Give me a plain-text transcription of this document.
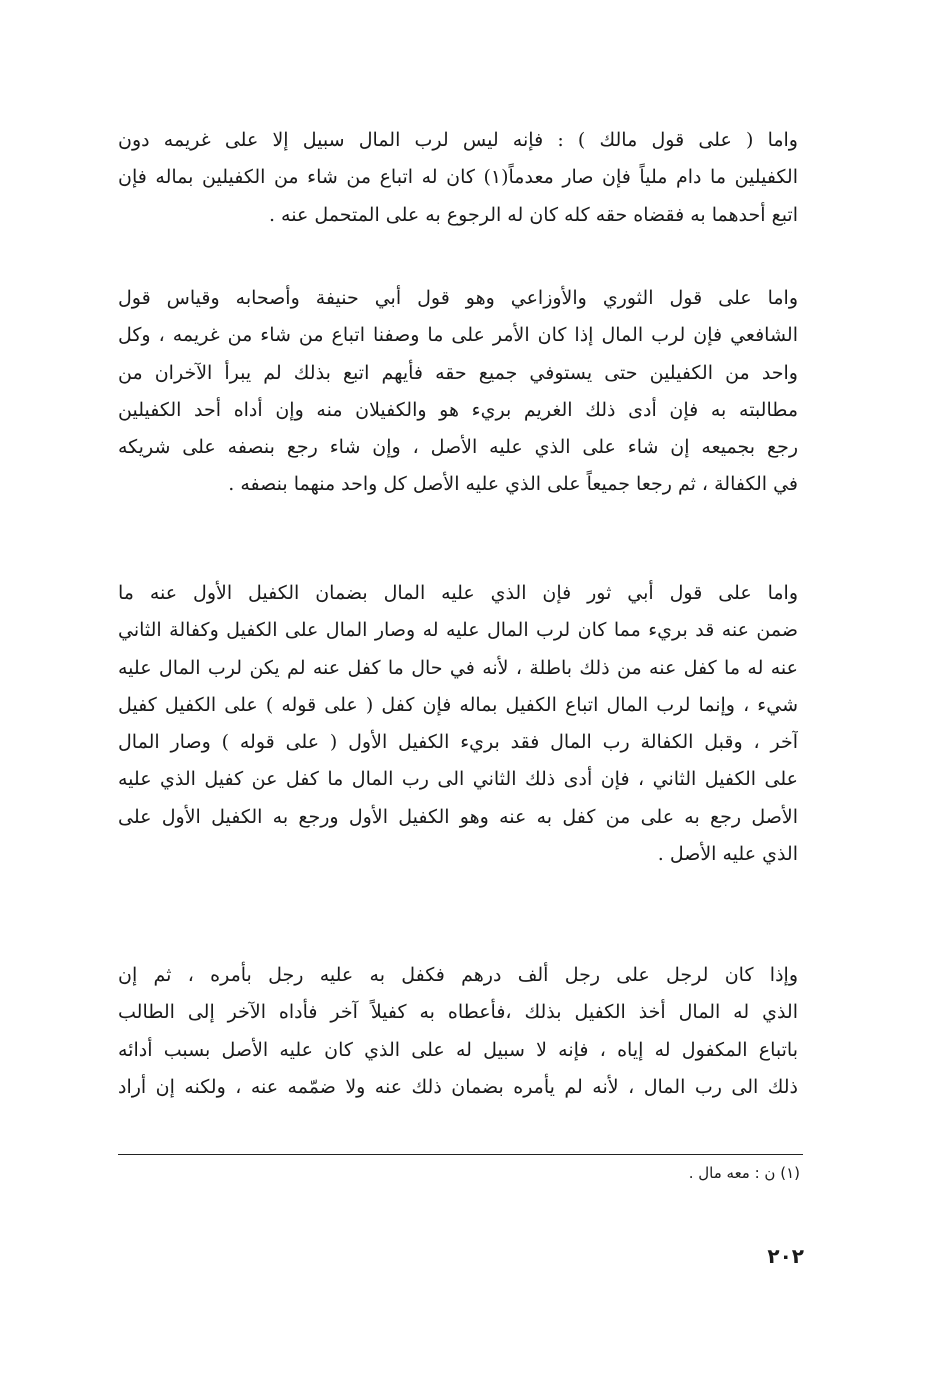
واما ( على قول مالك ) : فإنه ليس لرب المال سبيل إلا على غريمه دون
الكفيلين ما دام ملياً فإن صار معدماً(١) كان له اتباع من شاء من الكفيلين بماله فإن
اتبع أحدهما به فقضاه حقه كله كان له الرجوع به على المتحمل عنه .
واما على قول الثوري والأوزاعي وهو قول أبي حنيفة وأصحابه وقياس قول
الشافعي فإن لرب المال إذا كان الأمر على ما وصفنا اتباع من شاء من غريمه ، وكل
واحد من الكفيلين حتى يستوفي جميع حقه فأيهم اتبع بذلك لم يبرأ الآخران من
مطالبته به فإن أدى ذلك الغريم بريء هو والكفيلان منه وإن أداه أحد الكفيلين
رجع بجميعه إن شاء على الذي عليه الأصل ، وإن شاء رجع بنصفه على شريكه
في الكفالة ، ثم رجعا جميعاً على الذي عليه الأصل كل واحد منهما بنصفه .
واما على قول أبي ثور فإن الذي عليه المال بضمان الكفيل الأول عنه ما
ضمن عنه قد بريء مما كان لرب المال عليه له وصار المال على الكفيل وكفالة الثاني
عنه له ما كفل عنه من ذلك باطلة ، لأنه في حال ما كفل عنه لم يكن لرب المال عليه
شيء ، وإنما لرب المال اتباع الكفيل بماله فإن كفل ( على قوله ) على الكفيل كفيل
آخر ، وقبل الكفالة رب المال فقد بريء الكفيل الأول ( على قوله ) وصار المال
على الكفيل الثاني ، فإن أدى ذلك الثاني الى رب المال ما كفل عن كفيل الذي عليه
الأصل رجع به على من كفل به عنه وهو الكفيل الأول ورجع به الكفيل الأول على
الذي عليه الأصل .
وإذا كان لرجل على رجل ألف درهم فكفل به عليه رجل بأمره ، ثم إن
الذي له المال أخذ الكفيل بذلك ،فأعطاه به كفيلاً آخر فأداه الآخر إلى الطالب
باتباع المكفول له إياه ، فإنه لا سبيل له على الذي كان عليه الأصل بسبب أدائه
ذلك الى رب المال ، لأنه لم يأمره بضمان ذلك عنه ولا ضمّمه عنه ، ولكنه إن أراد
(١) ن : معه مال .
٢٠٢
